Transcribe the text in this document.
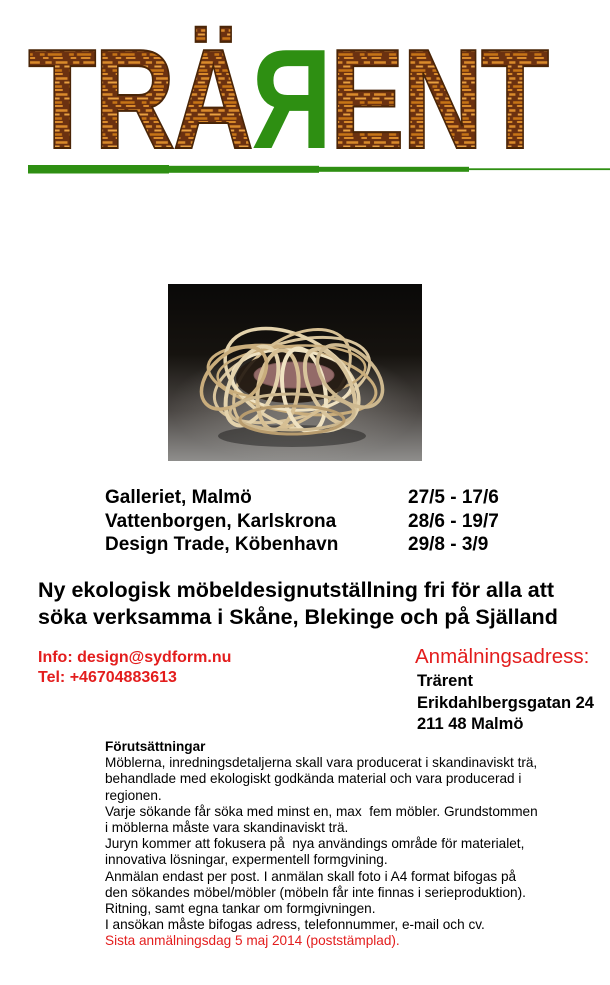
TRÄЯENT
Galleriet, Malmö	27/5 - 17/6
Vattenborgen, Karlskrona	28/6 - 19/7
Design Trade, Köbenhavn	29/8 - 3/9
Ny ekologisk möbeldesignutställning fri för alla att söka verksamma i Skåne, Blekinge och på Själland
Info: design@sydform.nu
Tel: +46704883613
Anmälningsadress:
Trärent
Erikdahlbergsgatan 24
211 48 Malmö
Förutsättningar
Möblerna, inredningsdetaljerna skall vara producerat i skandinaviskt trä,
behandlade med ekologiskt godkända material och vara producerad i
regionen.
Varje sökande får söka med minst en, max  fem möbler. Grundstommen
i möblerna måste vara skandinaviskt trä.
Juryn kommer att fokusera på  nya användings område för materialet,
innovativa lösningar, expermentell formgvining.
Anmälan endast per post. I anmälan skall foto i A4 format bifogas på
den sökandes möbel/möbler (möbeln får inte finnas i serieproduktion).
Ritning, samt egna tankar om formgivningen.
I ansökan måste bifogas adress, telefonnummer, e-mail och cv.
Sista anmälningsdag 5 maj 2014 (poststämplad).
